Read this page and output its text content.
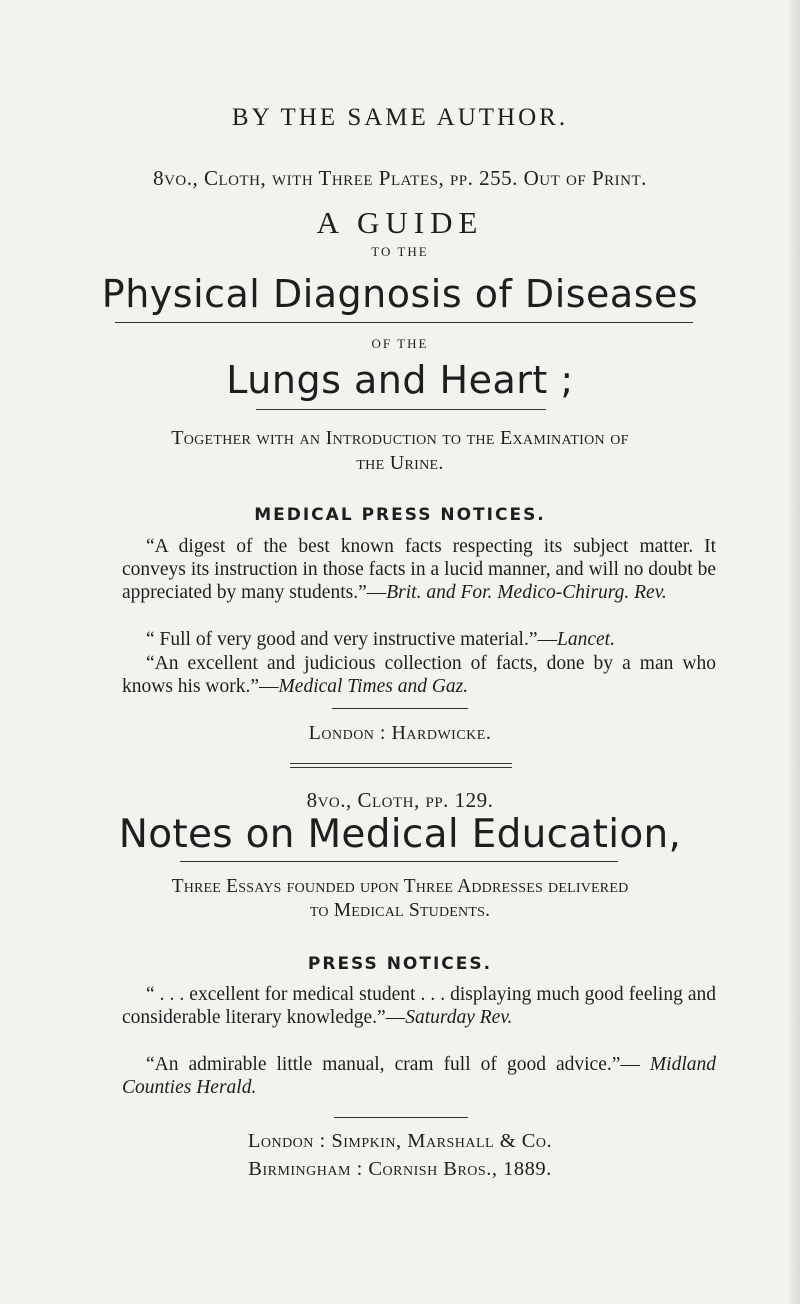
BY THE SAME AUTHOR.
8vo., Cloth, with Three Plates, pp. 255. Out of Print.
A GUIDE
TO THE
Physical Diagnosis of Diseases
OF THE
Lungs and Heart ;
Together with an Introduction to the Examination of
the Urine.
MEDICAL PRESS NOTICES.
“A digest of the best known facts respecting its subject matter. It conveys its instruction in those facts in a lucid manner, and will no doubt be appreciated by many students.”—Brit. and For. Medico-Chirurg. Rev.
“ Full of very good and very instructive material.”—Lancet.
“An excellent and judicious collection of facts, done by a man who knows his work.”—Medical Times and Gaz.
London : Hardwicke.
8vo., Cloth, pp. 129.
Notes on Medical Education,
Three Essays founded upon Three Addresses delivered
to Medical Students.
PRESS NOTICES.
“ . . . excellent for medical student . . . displaying much good feeling and considerable literary knowledge.”—Saturday Rev.
“An admirable little manual, cram full of good advice.”— Midland Counties Herald.
London : Simpkin, Marshall & Co.
Birmingham : Cornish Bros., 1889.
